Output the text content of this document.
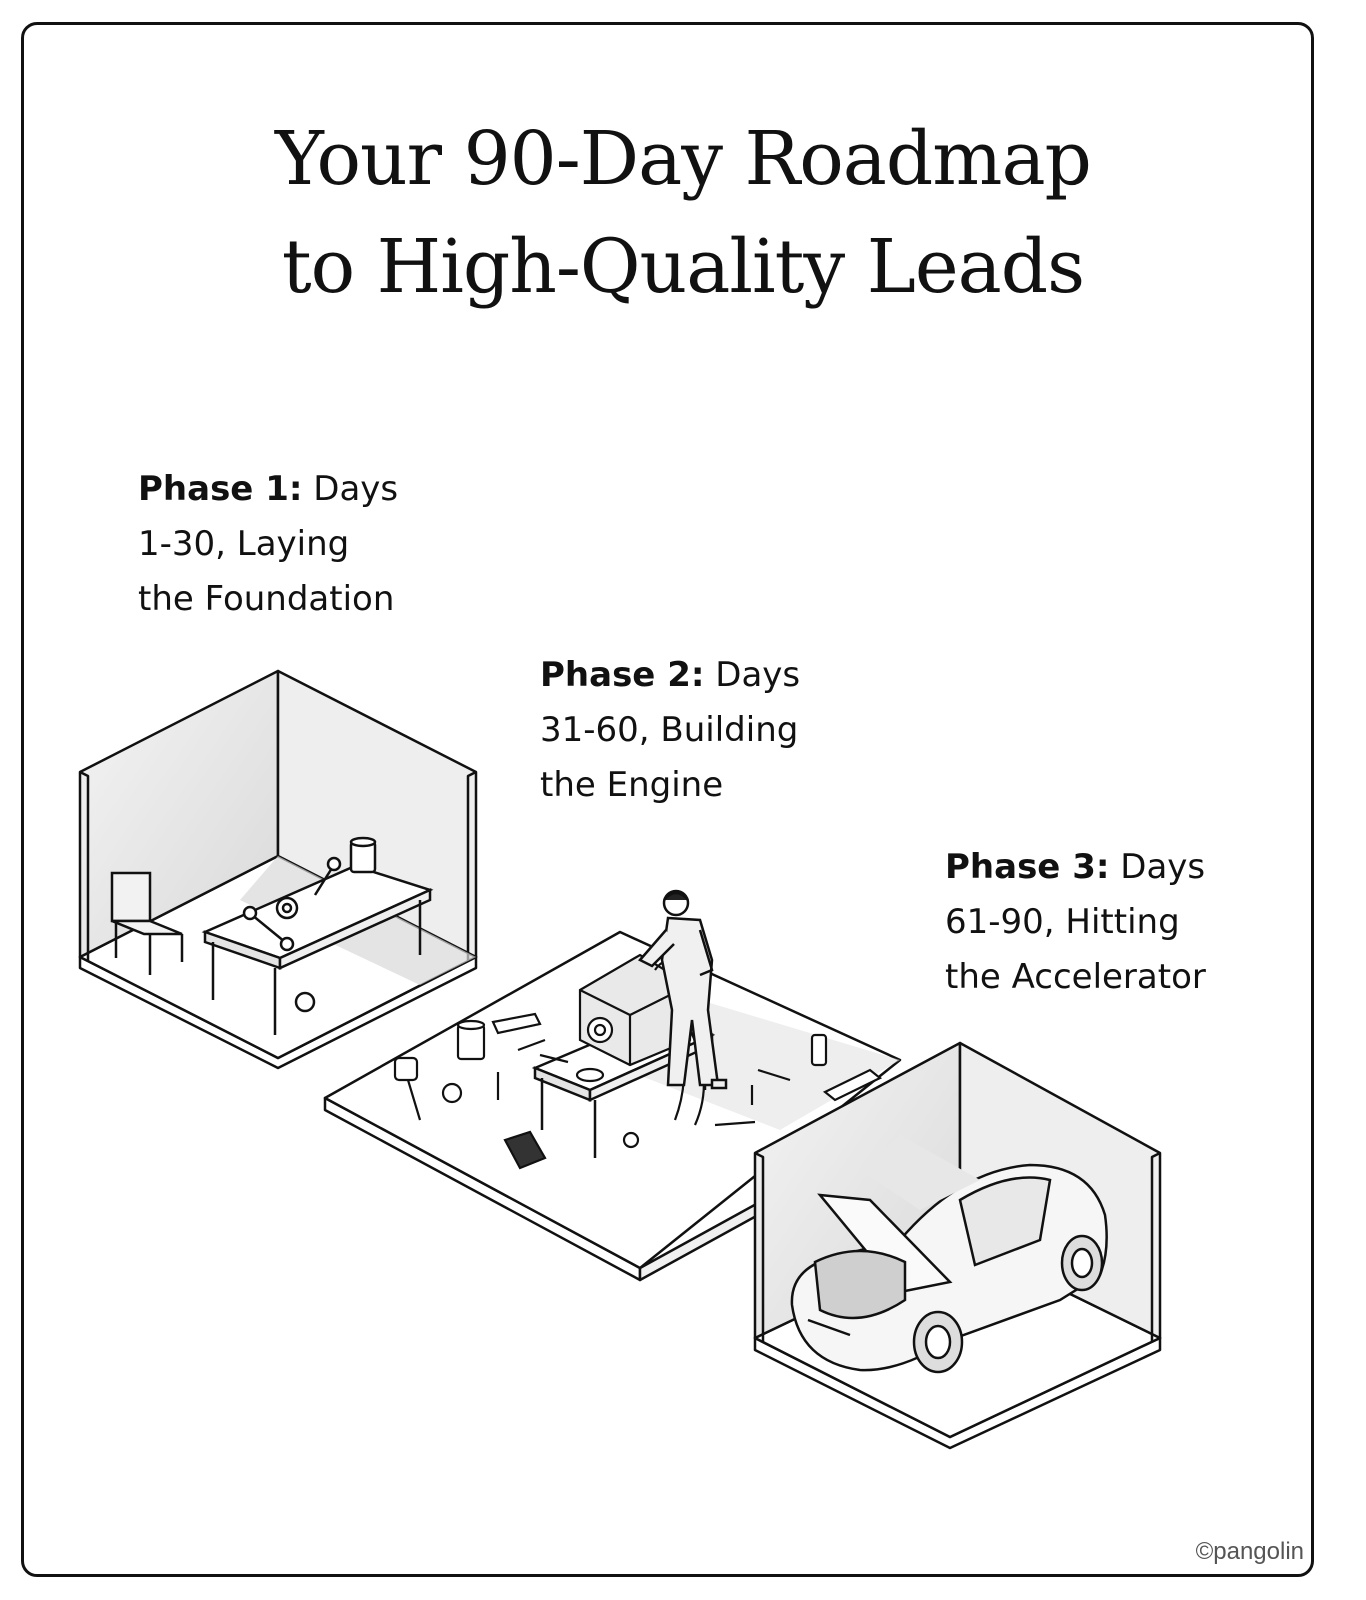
Your 90-Day Roadmap
to High-Quality Leads
Phase 1: Days
1-30, Laying
the Foundation
Phase 2: Days
31-60, Building
the Engine
Phase 3: Days
61-90, Hitting
the Accelerator
©pangolin
